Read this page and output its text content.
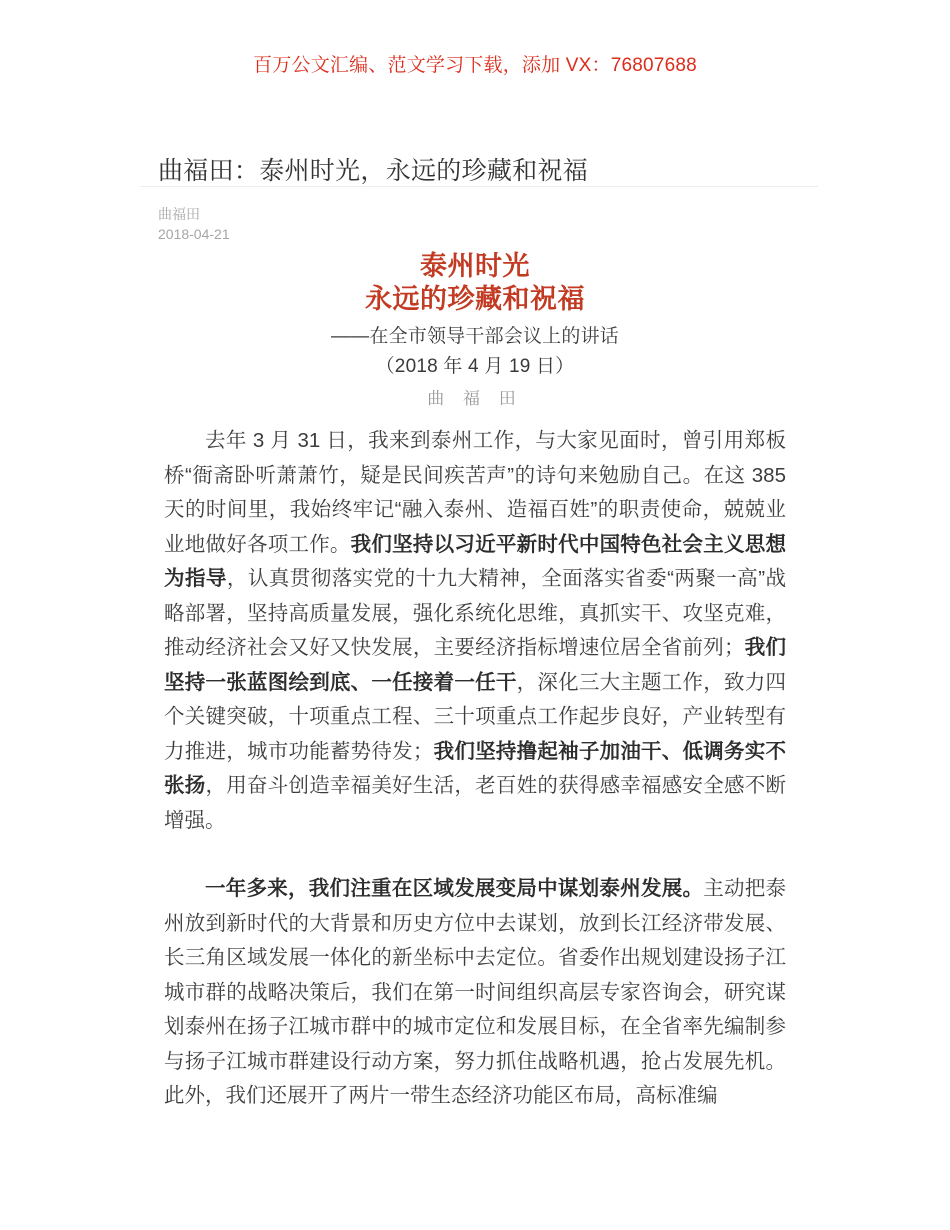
百万公文汇编、范文学习下载，添加 VX：76807688
曲福田：泰州时光，永远的珍藏和祝福
曲福田
2018-04-21
泰州时光
永远的珍藏和祝福
——在全市领导干部会议上的讲话
（2018 年 4 月 19 日）
曲 福 田

去年 3 月 31 日，我来到泰州工作，与大家见面时，曾引用郑板桥“衙斋卧听萧萧竹，疑是民间疾苦声”的诗句来勉励自己。在这 385 天的时间里，我始终牢记“融入泰州、造福百姓”的职责使命，兢兢业业地做好各项工作。我们坚持以习近平新时代中国特色社会主义思想为指导，认真贯彻落实党的十九大精神，全面落实省委“两聚一高”战略部署，坚持高质量发展，强化系统化思维，真抓实干、攻坚克难，推动经济社会又好又快发展，主要经济指标增速位居全省前列；我们坚持一张蓝图绘到底、一任接着一任干，深化三大主题工作，致力四个关键突破，十项重点工程、三十项重点工作起步良好，产业转型有力推进，城市功能蓄势待发；我们坚持撸起袖子加油干、低调务实不张扬，用奋斗创造幸福美好生活，老百姓的获得感幸福感安全感不断增强。

一年多来，我们注重在区域发展变局中谋划泰州发展。主动把泰州放到新时代的大背景和历史方位中去谋划，放到长江经济带发展、长三角区域发展一体化的新坐标中去定位。省委作出规划建设扬子江城市群的战略决策后，我们在第一时间组织高层专家咨询会，研究谋划泰州在扬子江城市群中的城市定位和发展目标，在全省率先编制参与扬子江城市群建设行动方案，努力抓住战略机遇，抢占发展先机。此外，我们还展开了两片一带生态经济功能区布局，高标准编
